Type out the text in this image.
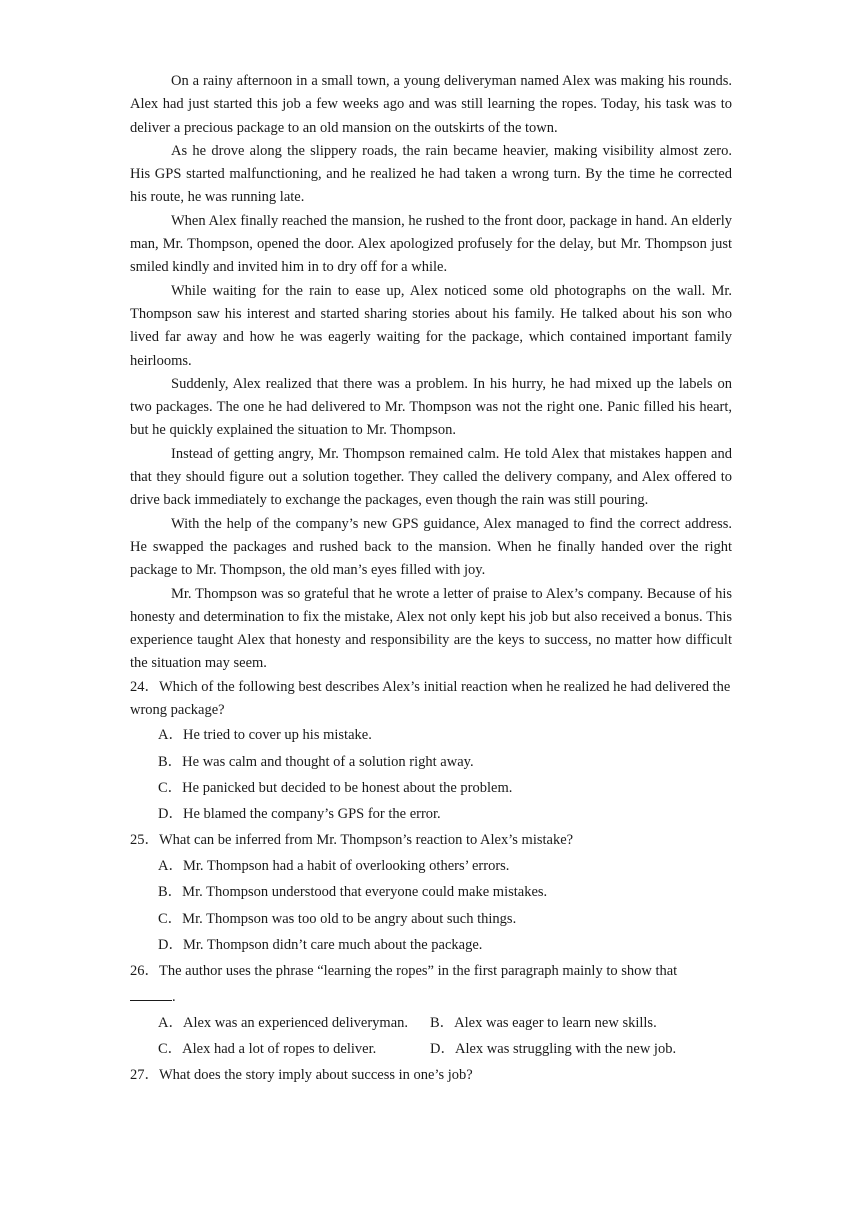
On a rainy afternoon in a small town, a young deliveryman named Alex was making his rounds. Alex had just started this job a few weeks ago and was still learning the ropes. Today, his task was to deliver a precious package to an old mansion on the outskirts of the town.

As he drove along the slippery roads, the rain became heavier, making visibility almost zero. His GPS started malfunctioning, and he realized he had taken a wrong turn. By the time he corrected his route, he was running late.

When Alex finally reached the mansion, he rushed to the front door, package in hand. An elderly man, Mr. Thompson, opened the door. Alex apologized profusely for the delay, but Mr. Thompson just smiled kindly and invited him in to dry off for a while.

While waiting for the rain to ease up, Alex noticed some old photographs on the wall. Mr. Thompson saw his interest and started sharing stories about his family. He talked about his son who lived far away and how he was eagerly waiting for the package, which contained important family heirlooms.

Suddenly, Alex realized that there was a problem. In his hurry, he had mixed up the labels on two packages. The one he had delivered to Mr. Thompson was not the right one. Panic filled his heart, but he quickly explained the situation to Mr. Thompson.

Instead of getting angry, Mr. Thompson remained calm. He told Alex that mistakes happen and that they should figure out a solution together. They called the delivery company, and Alex offered to drive back immediately to exchange the packages, even though the rain was still pouring.

With the help of the company’s new GPS guidance, Alex managed to find the correct address. He swapped the packages and rushed back to the mansion. When he finally handed over the right package to Mr. Thompson, the old man’s eyes filled with joy.

Mr. Thompson was so grateful that he wrote a letter of praise to Alex’s company. Because of his honesty and determination to fix the mistake, Alex not only kept his job but also received a bonus. This experience taught Alex that honesty and responsibility are the keys to success, no matter how difficult the situation may seem.

24．Which of the following best describes Alex’s initial reaction when he realized he had delivered the wrong package?

A．He tried to cover up his mistake.

B．He was calm and thought of a solution right away.

C．He panicked but decided to be honest about the problem.

D．He blamed the company’s GPS for the error.

25．What can be inferred from Mr. Thompson’s reaction to Alex’s mistake?

A．Mr. Thompson had a habit of overlooking others’ errors.

B．Mr. Thompson understood that everyone could make mistakes.

C．Mr. Thompson was too old to be angry about such things.

D．Mr. Thompson didn’t care much about the package.

26．The author uses the phrase “learning the ropes” in the first paragraph mainly to show that
.

A．Alex was an experienced deliveryman.	B．Alex was eager to learn new skills.
C．Alex had a lot of ropes to deliver.	D．Alex was struggling with the new job.

27．What does the story imply about success in one’s job?
